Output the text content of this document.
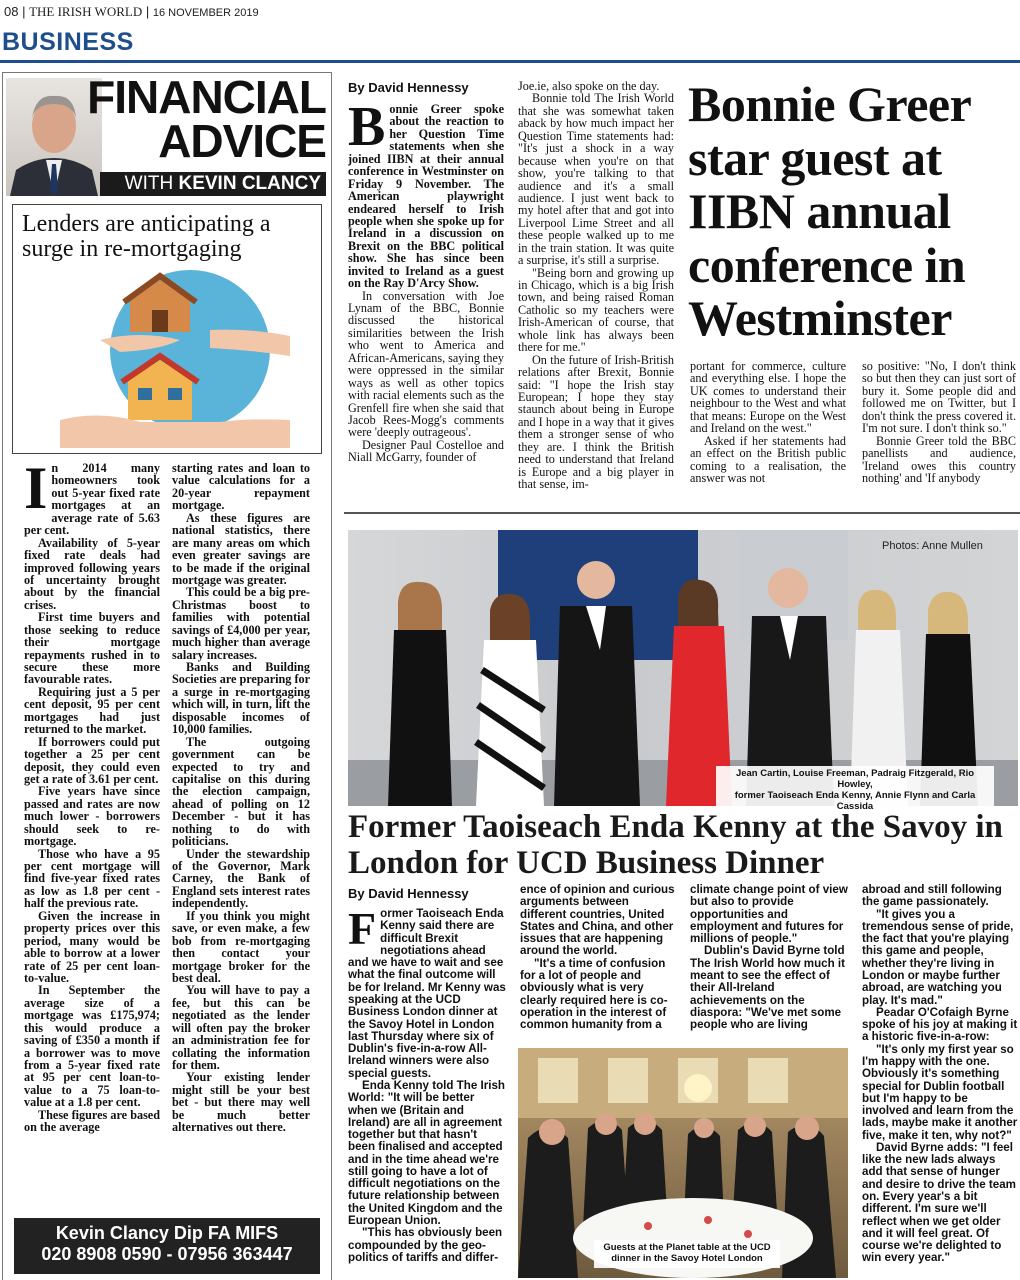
08 | THE IRISH WORLD | 16 NOVEMBER 2019
BUSINESS
FINANCIAL
ADVICE
WITH KEVIN CLANCY
Lenders are anticipating a surge in re-mortgaging
I n 2014 many homeowners took out 5-year fixed rate mortgages at an average rate of 5.63 per cent.

Availability of 5-year fixed rate deals had improved following years of uncertainty brought about by the financial crises.

First time buyers and those seeking to reduce their mortgage repayments rushed in to secure these more favourable rates.

Requiring just a 5 per cent deposit, 95 per cent mortgages had just returned to the market.

If borrowers could put together a 25 per cent deposit, they could even get a rate of 3.61 per cent.

Five years have since passed and rates are now much lower - borrowers should seek to re-mortgage.

Those who have a 95 per cent mortgage will find five-year fixed rates as low as 1.8 per cent - half the previous rate.

Given the increase in property prices over this period, many would be able to borrow at a lower rate of 25 per cent loan-to-value.

In September the average size of a mortgage was £175,974; this would produce a saving of £350 a month if a borrower was to move from a 5-year fixed rate at 95 per cent loan-to-value to a 75 loan-to-value at a 1.8 per cent.

These figures are based on the average

starting rates and loan to value calculations for a 20-year repayment mortgage.

As these figures are national statistics, there are many areas om which even greater savings are to be made if the original mortgage was greater.

This could be a big pre-Christmas boost to families with potential savings of £4,000 per year, much higher than average salary increases.

Banks and Building Societies are preparing for a surge in re-mortgaging which will, in turn, lift the disposable incomes of 10,000 families.

The outgoing government can be expected to try and capitalise on this during the election campaign, ahead of polling on 12 December - but it has nothing to do with politicians.

Under the stewardship of the Governor, Mark Carney, the Bank of England sets interest rates independently.

If you think you might save, or even make, a few bob from re-mortgaging then contact your mortgage broker for the best deal.

You will have to pay a fee, but this can be negotiated as the lender will often pay the broker an administration fee for collating the information for them.

Your existing lender might still be your best bet - but there may well be much better alternatives out there.

Kevin Clancy Dip FA MIFS
020 8908 0590 - 07956 363447
By David Hennessy
B onnie Greer spoke about the reaction to her Question Time statements when she joined IIBN at their annual conference in Westminster on Friday 9 November. The American playwright endeared herself to Irish people when she spoke up for Ireland in a discussion on Brexit on the BBC political show. She has since been invited to Ireland as a guest on the Ray D'Arcy Show.

In conversation with Joe Lynam of the BBC, Bonnie discussed the historical similarities between the Irish who went to America and African-Americans, saying they were oppressed in the similar ways as well as other topics with racial elements such as the Grenfell fire when she said that Jacob Rees-Mogg's comments were 'deeply outrageous'.

Designer Paul Costelloe and Niall McGarry, founder of

Joe.ie, also spoke on the day.

Bonnie told The Irish World that she was somewhat taken aback by how much impact her Question Time statements had: "It's just a shock in a way because when you're on that show, you're talking to that audience and it's a small audience. I just went back to my hotel after that and got into Liverpool Lime Street and all these people walked up to me in the train station. It was quite a surprise, it's still a surprise.

"Being born and growing up in Chicago, which is a big Irish town, and being raised Roman Catholic so my teachers were Irish-American of course, that whole link has always been there for me."

On the future of Irish-British relations after Brexit, Bonnie said: "I hope the Irish stay European; I hope they stay staunch about being in Europe and I hope in a way that it gives them a stronger sense of who they are. I think the British need to understand that Ireland is Europe and a big player in that sense, im-

Bonnie Greer star guest at IIBN annual conference in Westminster

portant for commerce, culture and everything else. I hope the UK comes to understand their neighbour to the West and what that means: Europe on the West and Ireland on the west."

Asked if her statements had an effect on the British public coming to a realisation, the answer was not

so positive: "No, I don't think so but then they can just sort of bury it. Some people did and followed me on Twitter, but I don't think the press covered it. I'm not sure. I don't think so."

Bonnie Greer told the BBC panellists and audience, 'Ireland owes this country nothing' and 'If anybody

Photos: Anne Mullen
Jean Cartin, Louise Freeman, Padraig Fitzgerald, Rio Howley,
former Taoiseach Enda Kenny, Annie Flynn and Carla Cassida
Former Taoiseach Enda Kenny at the Savoy in London for UCD Business Dinner
By David Hennessy
F ormer Taoiseach Enda Kenny said there are difficult Brexit negotiations ahead and we have to wait and see what the final outcome will be for Ireland. Mr Kenny was speaking at the UCD Business London dinner at the Savoy Hotel in London last Thursday where six of Dublin's five-in-a-row All-Ireland winners were also special guests.

Enda Kenny told The Irish World: "It will be better when we (Britain and Ireland) are all in agreement together but that hasn't been finalised and accepted and in the time ahead we're still going to have a lot of difficult negotiations on the future relationship between the United Kingdom and the European Union.

"This has obviously been compounded by the geo-politics of tariffs and differ-

ence of opinion and curious arguments between different countries, United States and China, and other issues that are happening around the world.

"It's a time of confusion for a lot of people and obviously what is very clearly required here is co-operation in the interest of common humanity from a

climate change point of view but also to provide opportunities and employment and futures for millions of people."

Dublin's David Byrne told The Irish World how much it meant to see the effect of their All-Ireland achievements on the diaspora: "We've met some people who are living

abroad and still following the game passionately.

"It gives you a tremendous sense of pride, the fact that you're playing this game and people, whether they're living in London or maybe further abroad, are watching you play. It's mad."

Peadar O'Cofaigh Byrne spoke of his joy at making it a historic five-in-a-row:

"It's only my first year so I'm happy with the one. Obviously it's something special for Dublin football but I'm happy to be involved and learn from the lads, maybe make it another five, make it ten, why not?"

David Byrne adds: "I feel like the new lads always add that sense of hunger and desire to drive the team on. Every year's a bit different. I'm sure we'll reflect when we get older and it will feel great. Of course we're delighted to win every year."

Guests at the Planet table at the UCD
dinner in the Savoy Hotel London
